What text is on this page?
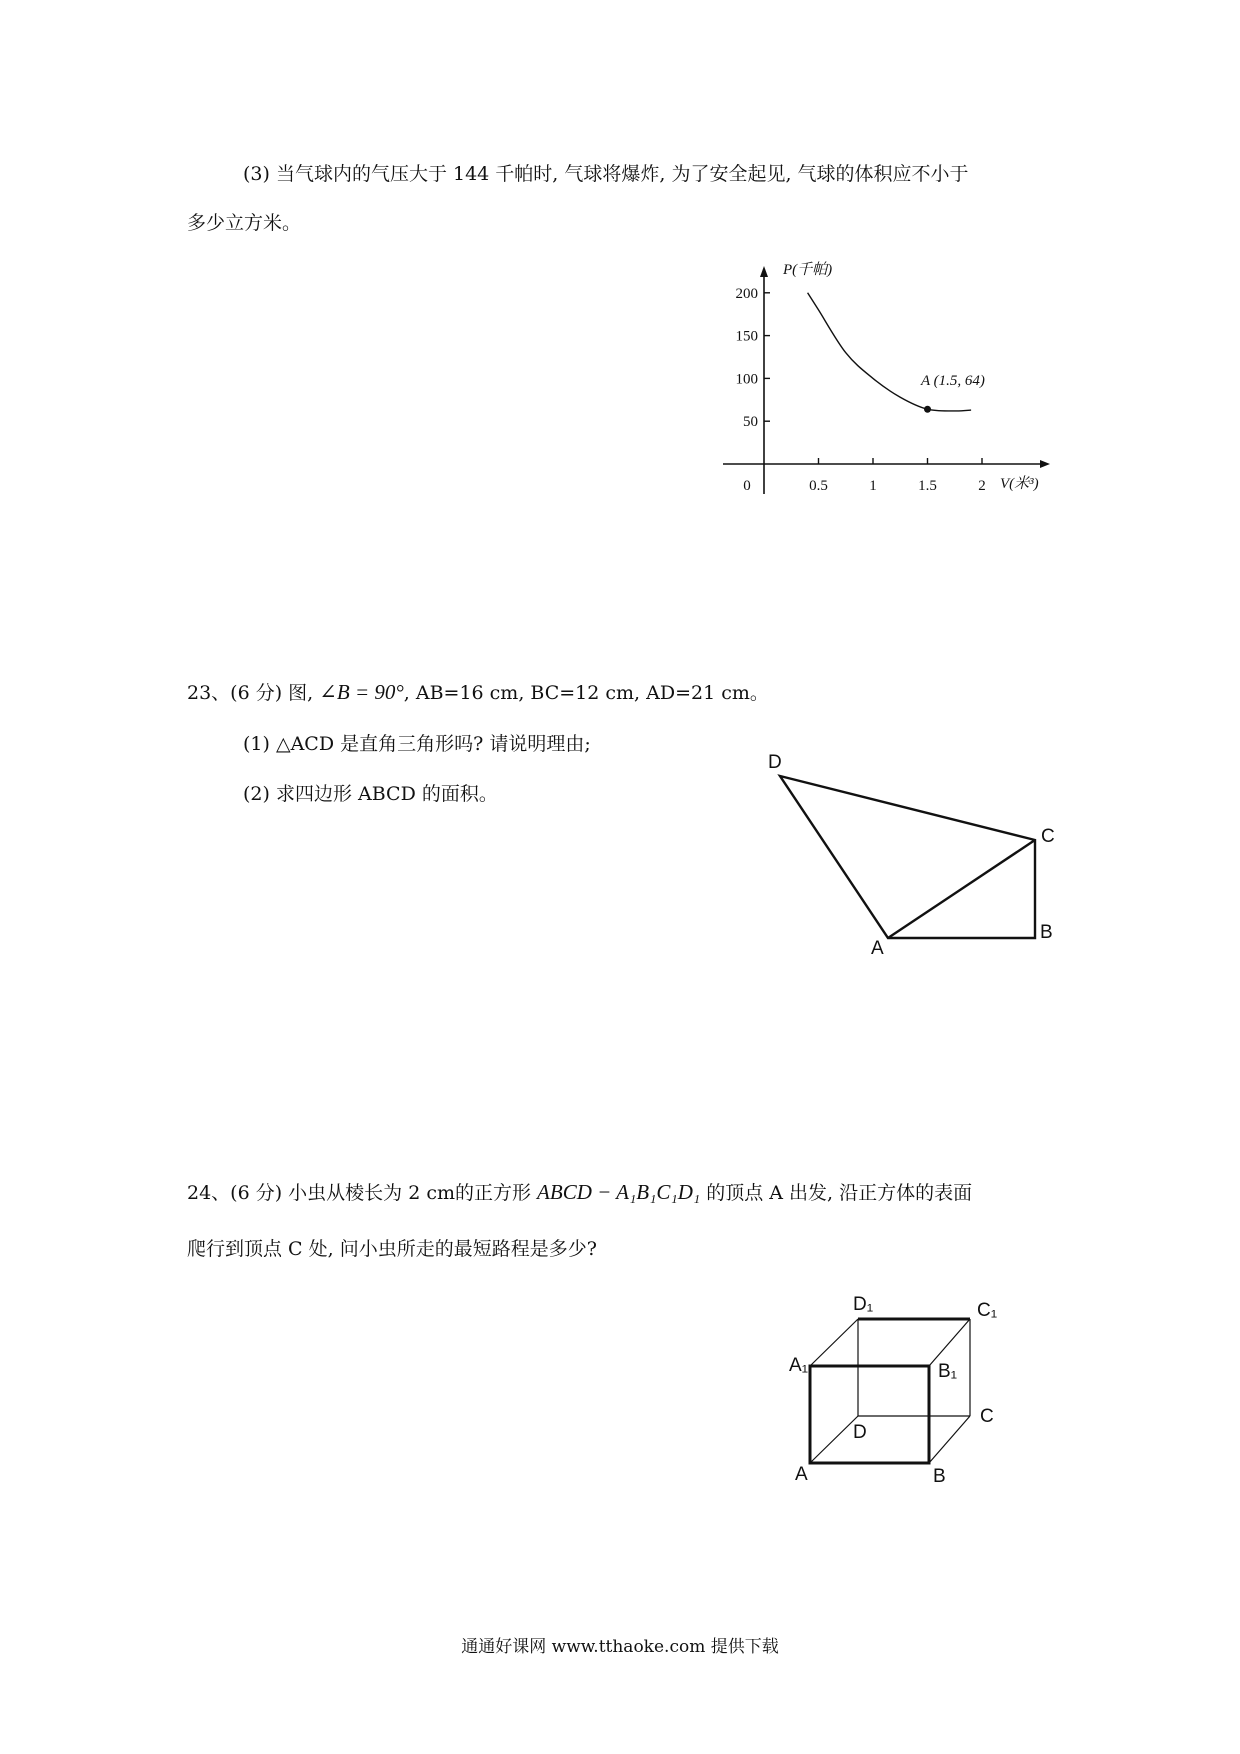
(3) 当气球内的气压大于 144 千帕时, 气球将爆炸, 为了安全起见, 气球的体积应不小于
多少立方米。
0	0.5	1	1.5	2
200
150
100
50
A (1.5, 64)
P(千帕)
V(米³)
23、(6 分) 图, ∠B = 90°, AB=16 cm, BC=12 cm, AD=21 cm。
(1) △ACD 是直角三角形吗? 请说明理由;
(2) 求四边形 ABCD 的面积。
D
C
A
B
24、(6 分) 小虫从棱长为 2 cm的正方形 ABCD − A₁B₁C₁D₁ 的顶点 A 出发, 沿正方体的表面
爬行到顶点 C 处, 问小虫所走的最短路程是多少?
D₁	C₁
A₁	B₁
D
C
A	B
通通好课网 www.tthaoke.com 提供下载
